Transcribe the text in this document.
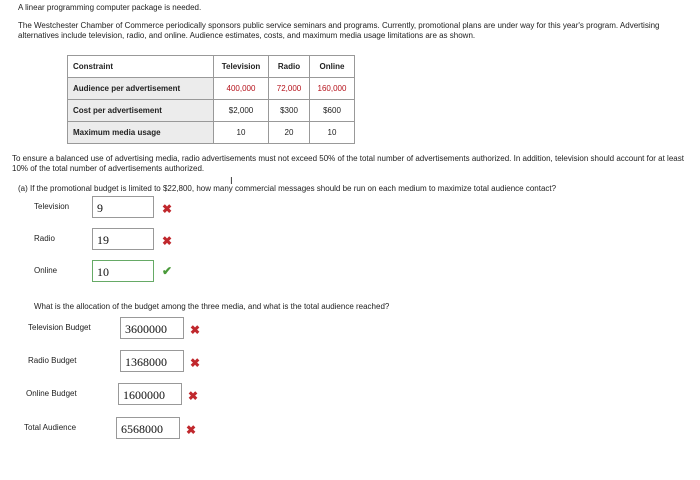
A linear programming computer package is needed.
The Westchester Chamber of Commerce periodically sponsors public service seminars and programs. Currently, promotional plans are under way for this year's program. Advertising alternatives include television, radio, and online. Audience estimates, costs, and maximum media usage limitations are as shown.
Constraint	Television	Radio	Online
Audience per advertisement	400,000	72,000	160,000
Cost per advertisement	$2,000	$300	$600
Maximum media usage	10	20	10
To ensure a balanced use of advertising media, radio advertisements must not exceed 50% of the total number of advertisements authorized. In addition, television should account for at least 10% of the total number of advertisements authorized.
(a) If the promotional budget is limited to $22,800, how many commercial messages should be run on each medium to maximize total audience contact?
Ι
Television	9	✖
Radio	19	✖
Online	10	✔
What is the allocation of the budget among the three media, and what is the total audience reached?
Television Budget	3600000	✖
Radio Budget	1368000	✖
Online Budget	1600000	✖
Total Audience	6568000	✖
